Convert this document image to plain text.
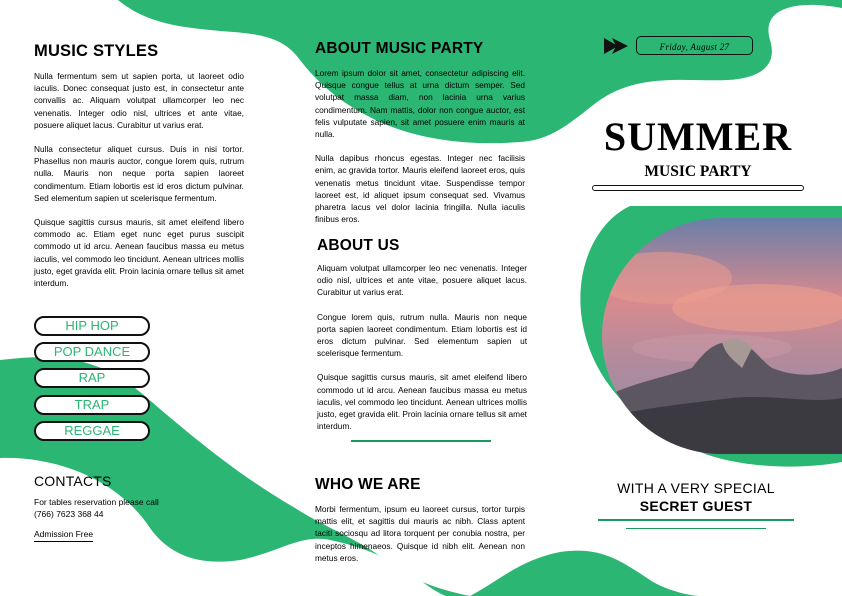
MUSIC STYLES

Nulla fermentum sem ut sapien porta, ut laoreet odio iaculis. Donec consequat justo est, in consectetur ante convallis ac. Aliquam volutpat ullamcorper leo nec venenatis. Integer odio nisl, ultrices et ante vitae, posuere aliquet lacus. Curabitur ut varius erat.

Nulla consectetur aliquet cursus. Duis in nisi tortor. Phasellus non mauris auctor, congue lorem quis, rutrum nulla. Mauris non neque porta sapien laoreet condimentum. Etiam lobortis est id eros dictum pulvinar. Sed elementum sapien ut scelerisque fermentum.

Quisque sagittis cursus mauris, sit amet eleifend libero commodo ac. Etiam eget nunc eget purus suscipit commodo ut id arcu. Aenean faucibus massa eu metus iaculis, vel commodo leo tincidunt. Aenean ultrices mollis justo, eget gravida elit. Proin lacinia ornare tellus sit amet interdum.

HIP HOP
POP DANCE
RAP
TRAP
REGGAE
CONTACTS
For tables reservation please call
(766) 7623 368 44
Admission Free
ABOUT MUSIC PARTY

Lorem ipsum dolor sit amet, consectetur adipiscing elit. Quisque congue tellus at urna dictum semper. Sed volutpat massa diam, non lacinia urna varius condimentum. Nam mattis, dolor non congue auctor, est felis vulputate sapien, sit amet posuere enim mauris at nulla.

Nulla dapibus rhoncus egestas. Integer nec facilisis enim, ac gravida tortor. Mauris eleifend laoreet eros, quis venenatis metus tincidunt vitae. Suspendisse tempor laoreet est, id aliquet ipsum consequat sed. Vivamus pharetra lacus vel dolor lacinia fringilla. Nulla iaculis finibus eros.

ABOUT US

Aliquam volutpat ullamcorper leo nec venenatis. Integer odio nisl, ultrices et ante vitae, posuere aliquet lacus. Curabitur ut varius erat.

Congue lorem quis, rutrum nulla. Mauris non neque porta sapien laoreet condimentum. Etiam lobortis est id eros dictum pulvinar. Sed elementum sapien ut scelerisque fermentum.

Quisque sagittis cursus mauris, sit amet eleifend libero commodo ut id arcu. Aenean faucibus massa eu metus iaculis, vel commodo leo tincidunt. Aenean ultrices mollis justo, eget gravida elit. Proin lacinia ornare tellus sit amet interdum.

WHO WE ARE

Morbi fermentum, ipsum eu laoreet cursus, tortor turpis mattis elit, et sagittis dui mauris ac nibh. Class aptent taciti sociosqu ad litora torquent per conubia nostra, per inceptos himenaeos. Quisque id nibh elit. Aenean non metus eros.

Friday, August 27
SUMMER
MUSIC PARTY
WITH A VERY SPECIAL
SECRET GUEST
